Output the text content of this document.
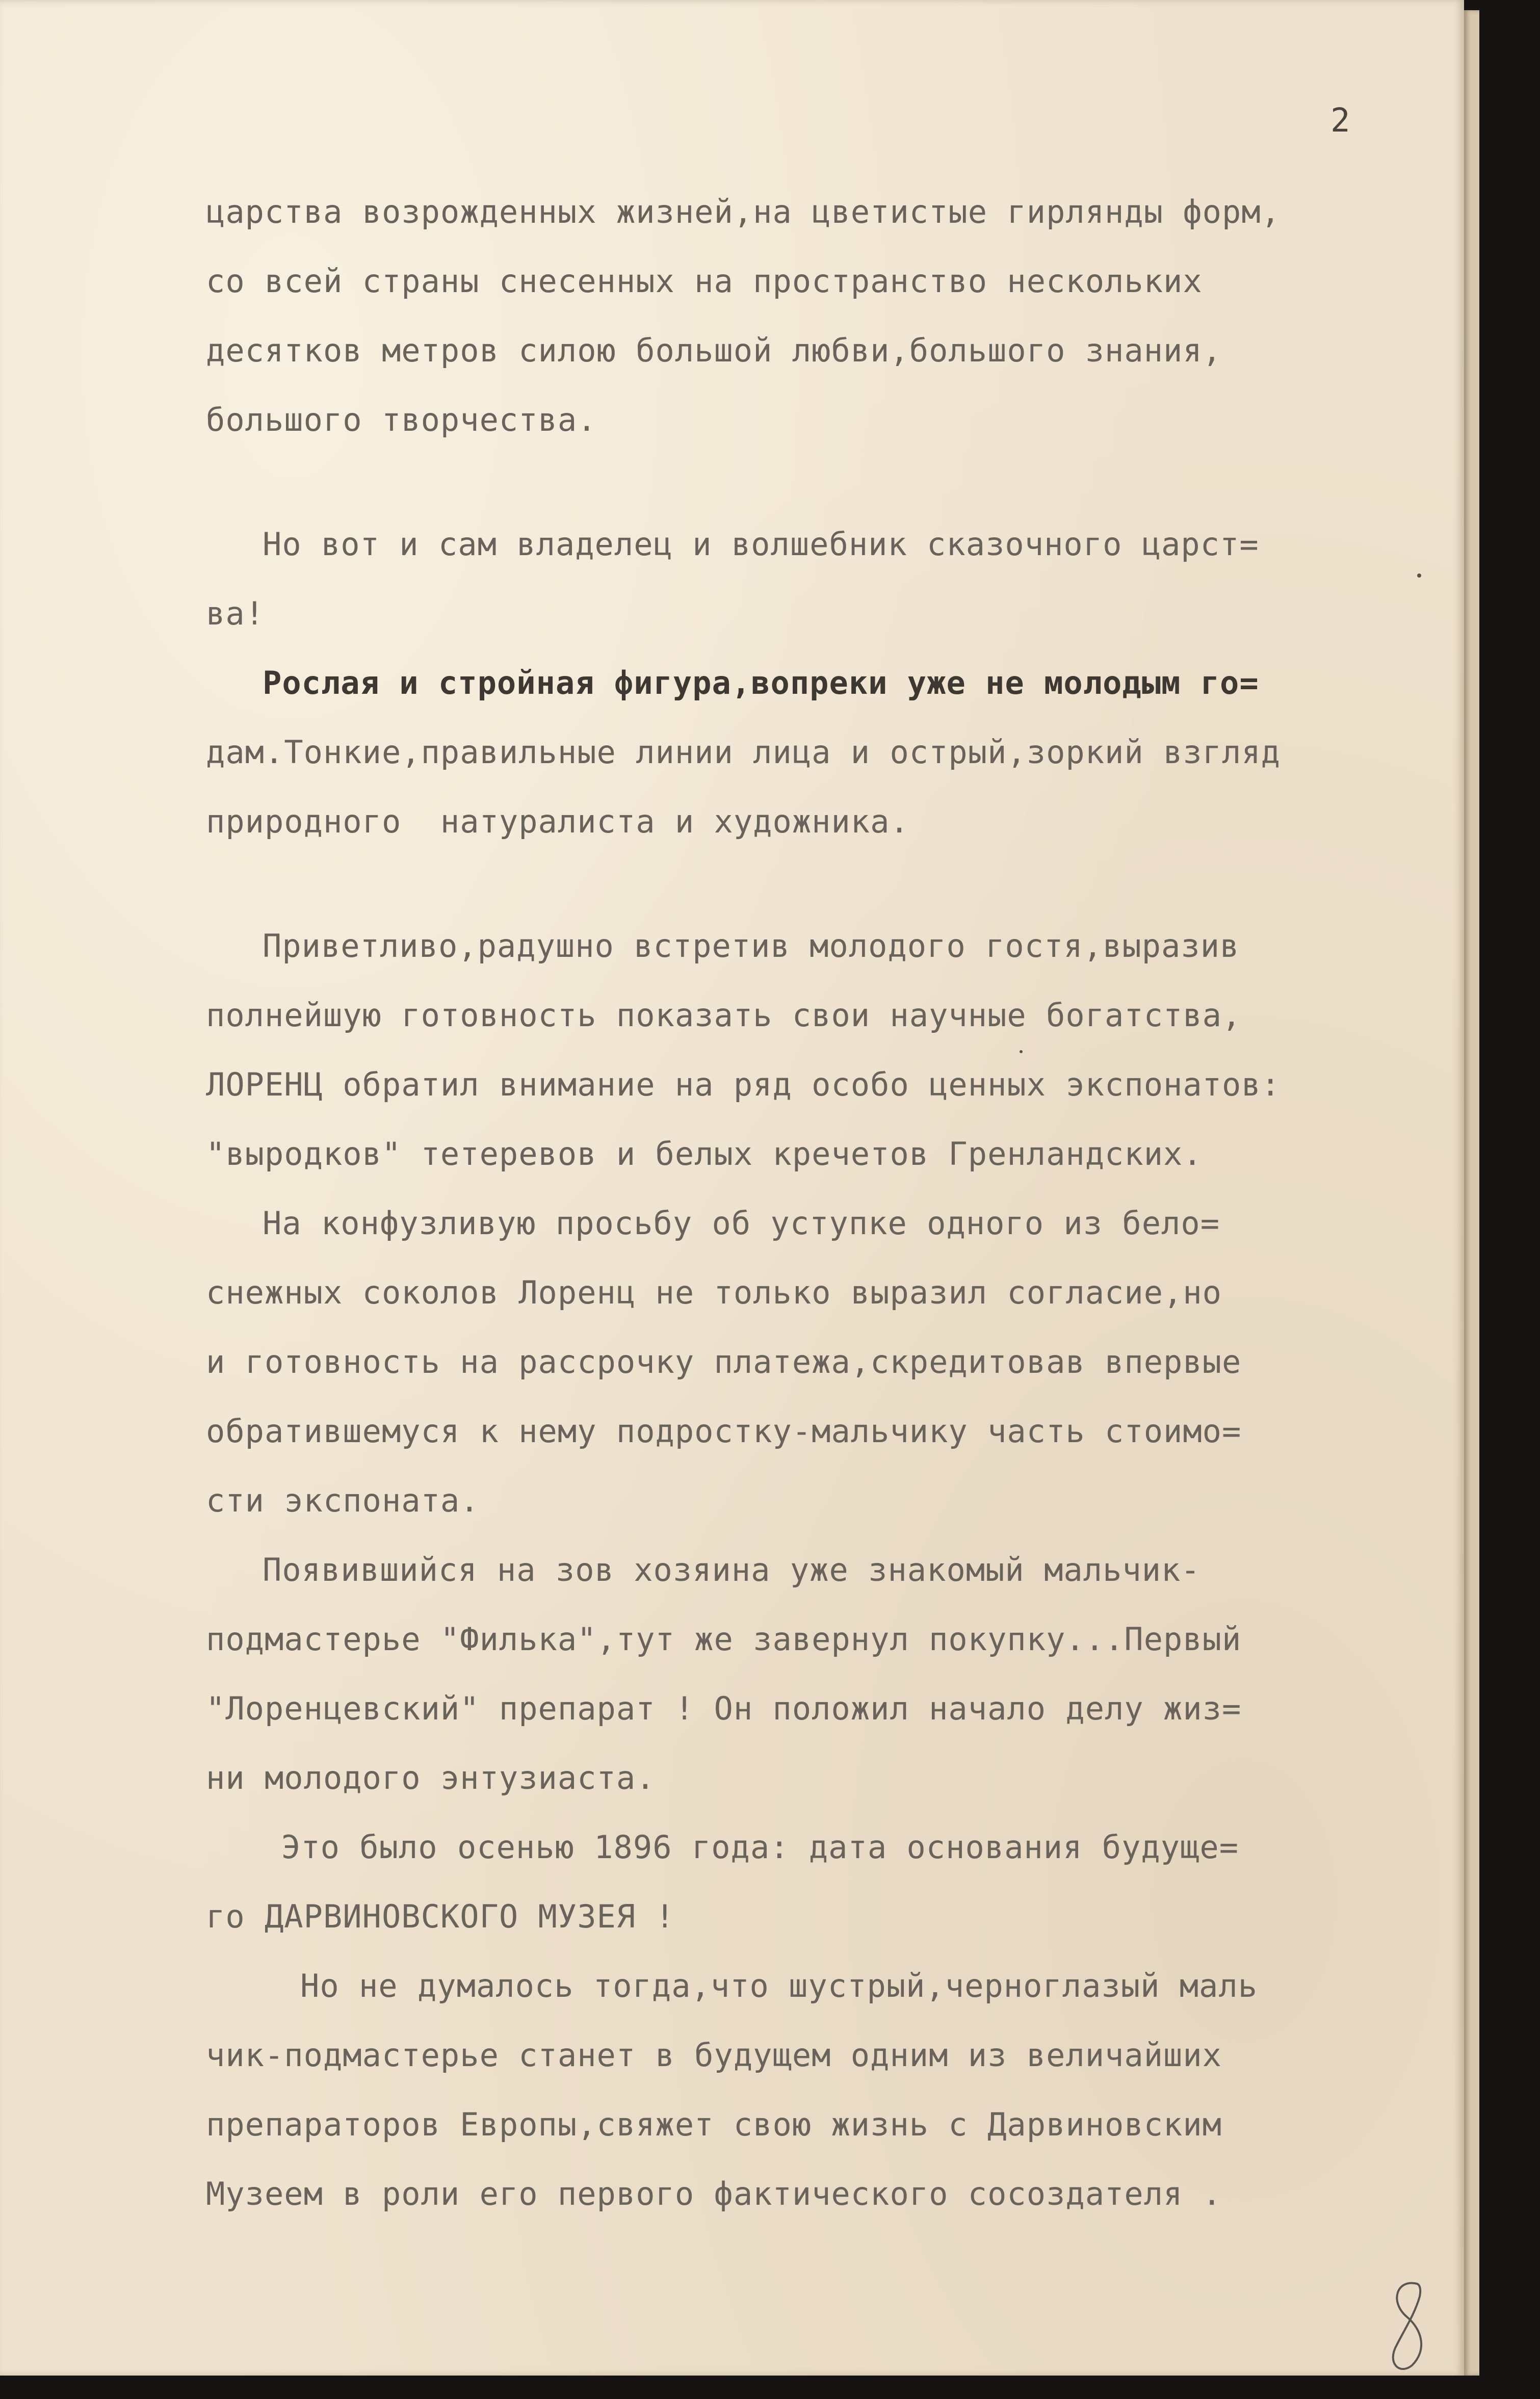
2

царства возрожденных жизней,на цветистые гирлянды форм,
со всей страны снесенных на пространство нескольких
десятков метров силою большой любви,большого знания,
большого творчества.
Но вот и сам владелец и волшебник сказочного царст=
ва!
Рослая и стройная фигура,вопреки уже не молодым го=
дам.Тонкие,правильные линии лица и острый,зоркий взгляд
природного  натуралиста и художника.
Приветливо,радушно встретив молодого гостя,выразив
полнейшую готовность показать свои научные богатства,
ЛОРЕНЦ обратил внимание на ряд особо ценных экспонатов:
"выродков" тетеревов и белых кречетов Гренландских.
На конфузливую просьбу об уступке одного из бело=
снежных соколов Лоренц не только выразил согласие,но
и готовность на рассрочку платежа,скредитовав впервые
обратившемуся к нему подростку-мальчику часть стоимо=
сти экспоната.
Появившийся на зов хозяина уже знакомый мальчик-
подмастерье "Филька",тут же завернул покупку...Первый
"Лоренцевский" препарат ! Он положил начало делу жиз=
ни молодого энтузиаста.
Это было осенью 1896 года: дата основания будуще=
го ДАРВИНОВСКОГО МУЗЕЯ !
Но не думалось тогда,что шустрый,черноглазый маль
чик-подмастерье станет в будущем одним из величайших
препараторов Европы,свяжет свою жизнь с Дарвиновским
Музеем в роли его первого фактического сосоздателя .
